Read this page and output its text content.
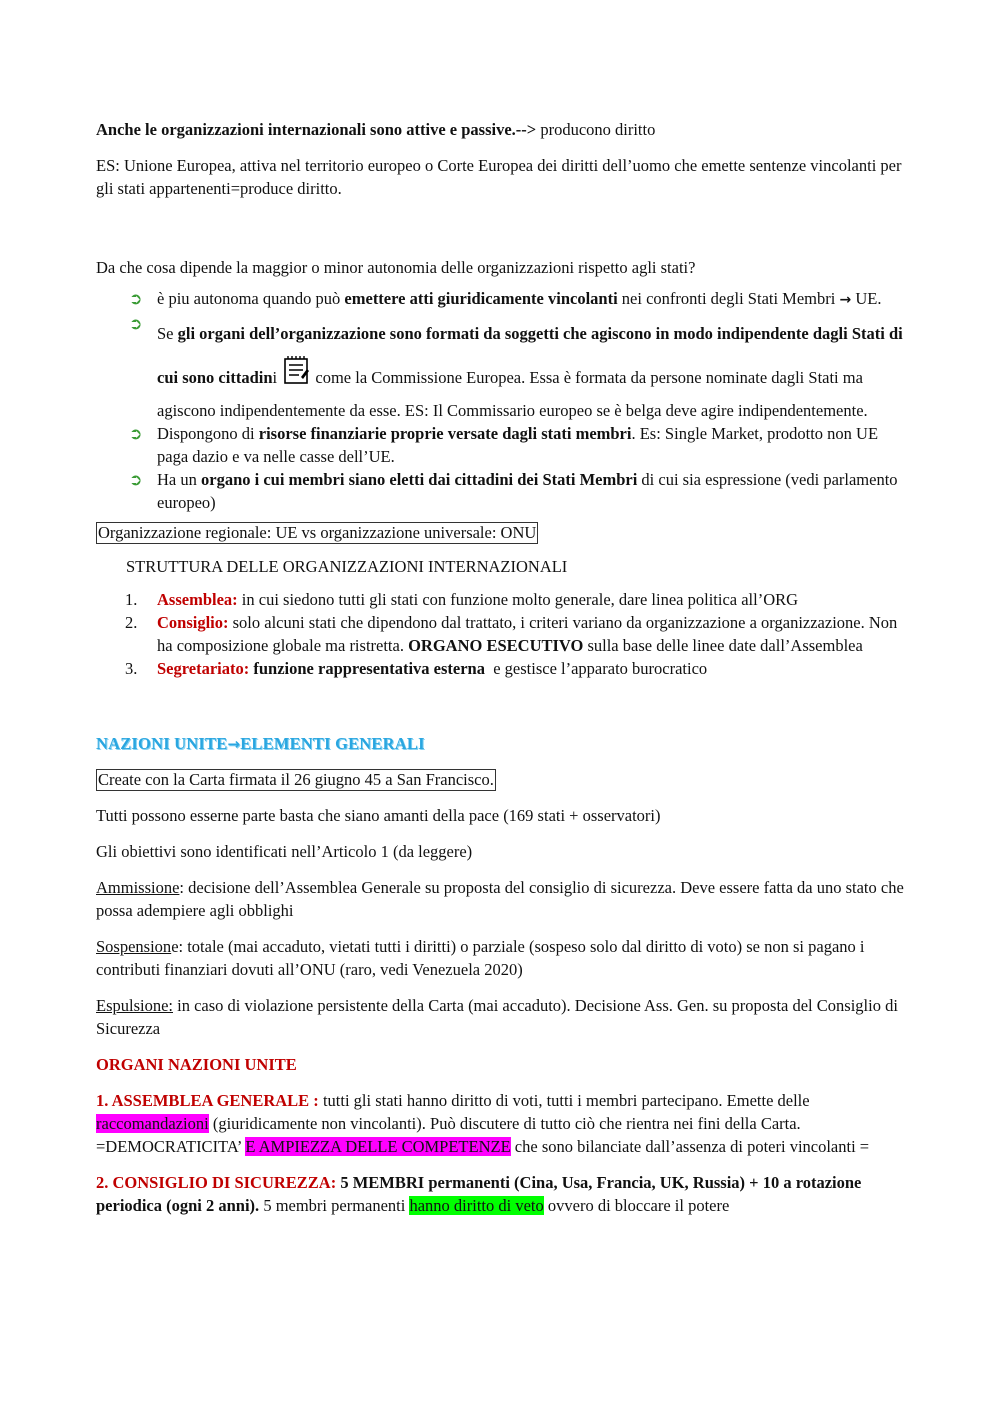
Anche le organizzazioni internazionali sono attive e passive.--> producono diritto

ES: Unione Europea, attiva nel territorio europeo o Corte Europea dei diritti dell’uomo che emette sentenze vincolanti per gli stati appartenenti=produce diritto.

Da che cosa dipende la maggior o minor autonomia delle organizzazioni rispetto agli stati?

➲ è piu autonoma quando può emettere atti giuridicamente vincolanti nei confronti degli Stati Membri → UE.
➲
Se gli organi dell’organizzazione sono formati da soggetti che agiscono in modo indipendente dagli Stati di cui sono cittadini come la Commissione Europea. Essa è formata da persone nominate dagli Stati ma agiscono indipendentemente da esse. ES: Il Commissario europeo se è belga deve agire indipendentemente.
➲ Dispongono di risorse finanziarie proprie versate dagli stati membri. Es: Single Market, prodotto non UE paga dazio e va nelle casse dell’UE.
➲ Ha un organo i cui membri siano eletti dai cittadini dei Stati Membri di cui sia espressione (vedi parlamento europeo)

Organizzazione regionale: UE vs organizzazione universale: ONU

STRUTTURA DELLE ORGANIZZAZIONI INTERNAZIONALI

1. Assemblea: in cui siedono tutti gli stati con funzione molto generale, dare linea politica all’ORG
2. Consiglio: solo alcuni stati che dipendono dal trattato, i criteri variano da organizzazione a organizzazione. Non ha composizione globale ma ristretta. ORGANO ESECUTIVO sulla base delle linee date dall’Assemblea
3. Segretariato: funzione rappresentativa esterna  e gestisce l’apparato burocratico

NAZIONI UNITE→ELEMENTI GENERALI

Create con la Carta firmata il 26 giugno 45 a San Francisco.

Tutti possono esserne parte basta che siano amanti della pace (169 stati + osservatori)

Gli obiettivi sono identificati nell’Articolo 1 (da leggere)

Ammissione: decisione dell’Assemblea Generale su proposta del consiglio di sicurezza. Deve essere fatta da uno stato che possa adempiere agli obblighi

Sospensione: totale (mai accaduto, vietati tutti i diritti) o parziale (sospeso solo dal diritto di voto) se non si pagano i contributi finanziari dovuti all’ONU (raro, vedi Venezuela 2020)

Espulsione: in caso di violazione persistente della Carta (mai accaduto). Decisione Ass. Gen. su proposta del Consiglio di Sicurezza

ORGANI NAZIONI UNITE

1. ASSEMBLEA GENERALE : tutti gli stati hanno diritto di voti, tutti i membri partecipano. Emette delle raccomandazioni (giuridicamente non vincolanti). Può discutere di tutto ciò che rientra nei fini della Carta. =DEMOCRATICITA’ E AMPIEZZA DELLE COMPETENZE che sono bilanciate dall’assenza di poteri vincolanti =

2. CONSIGLIO DI SICUREZZA: 5 MEMBRI permanenti (Cina, Usa, Francia, UK, Russia) + 10 a rotazione periodica (ogni 2 anni). 5 membri permanenti hanno diritto di veto ovvero di bloccare il potere
